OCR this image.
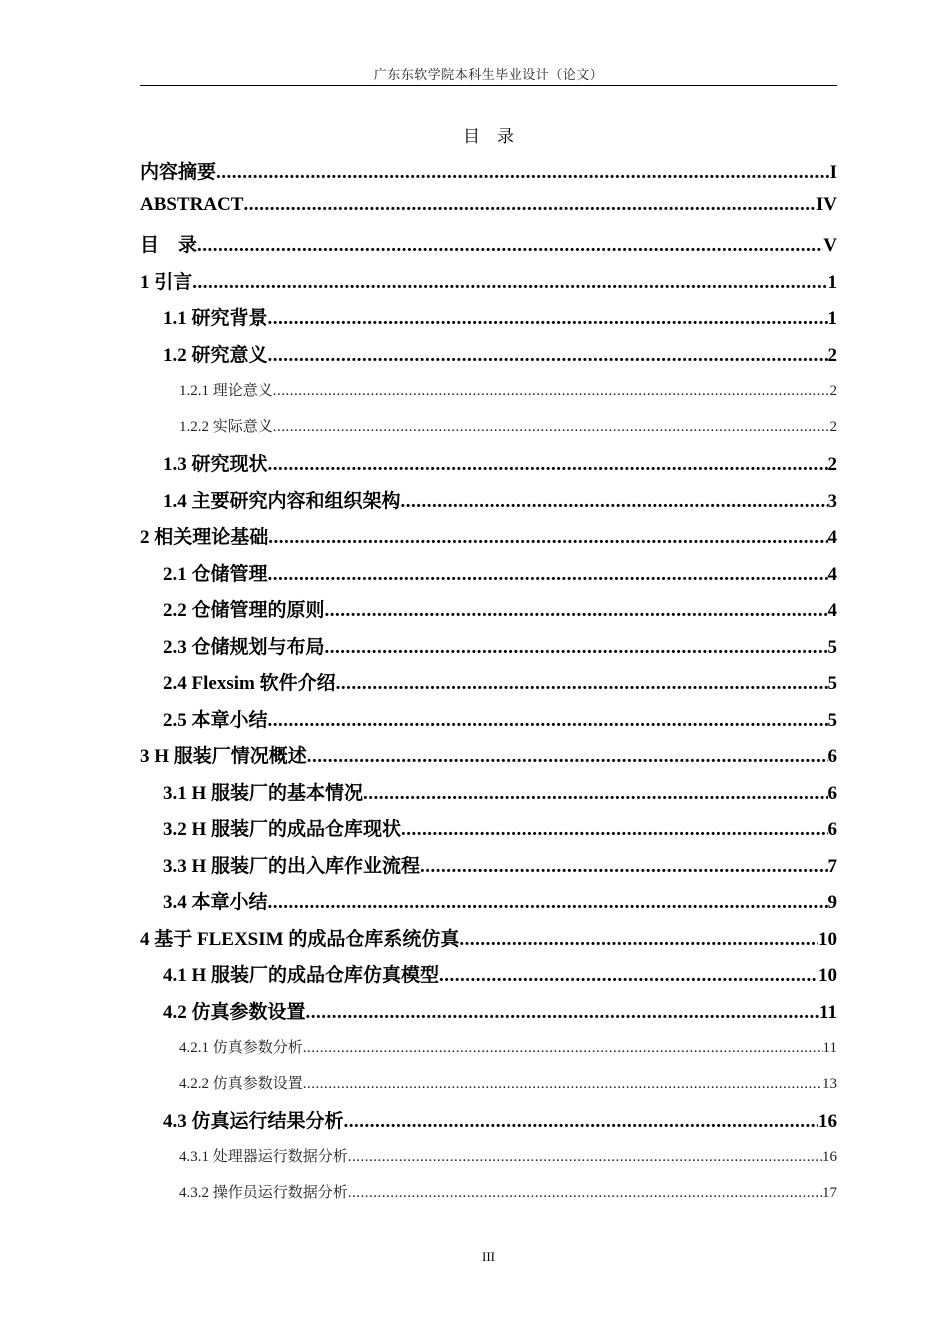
广东东软学院本科生毕业设计（论文）
目　录
内容摘要 .....	I
ABSTRACT .....	IV
目　录 .....	V
1 引言 .....	1
1.1 研究背景 .....	1
1.2 研究意义 .....	2
1.2.1 理论意义 .....	2
1.2.2 实际意义 .....	2
1.3 研究现状 .....	2
1.4 主要研究内容和组织架构 .....	3
2 相关理论基础 .....	4
2.1 仓储管理 .....	4
2.2 仓储管理的原则 .....	4
2.3 仓储规划与布局 .....	5
2.4 Flexsim 软件介绍 .....	5
2.5 本章小结 .....	5
3 H 服装厂情况概述 .....	6
3.1 H 服装厂的基本情况 .....	6
3.2 H 服装厂的成品仓库现状 .....	6
3.3 H 服装厂的出入库作业流程 .....	7
3.4 本章小结 .....	9
4 基于 FLEXSIM 的成品仓库系统仿真 .....	10
4.1 H 服装厂的成品仓库仿真模型 .....	10
4.2 仿真参数设置 .....	11
4.2.1 仿真参数分析 .....	11
4.2.2 仿真参数设置 .....	13
4.3 仿真运行结果分析 .....	16
4.3.1 处理器运行数据分析 .....	16
4.3.2 操作员运行数据分析 .....	17
III
